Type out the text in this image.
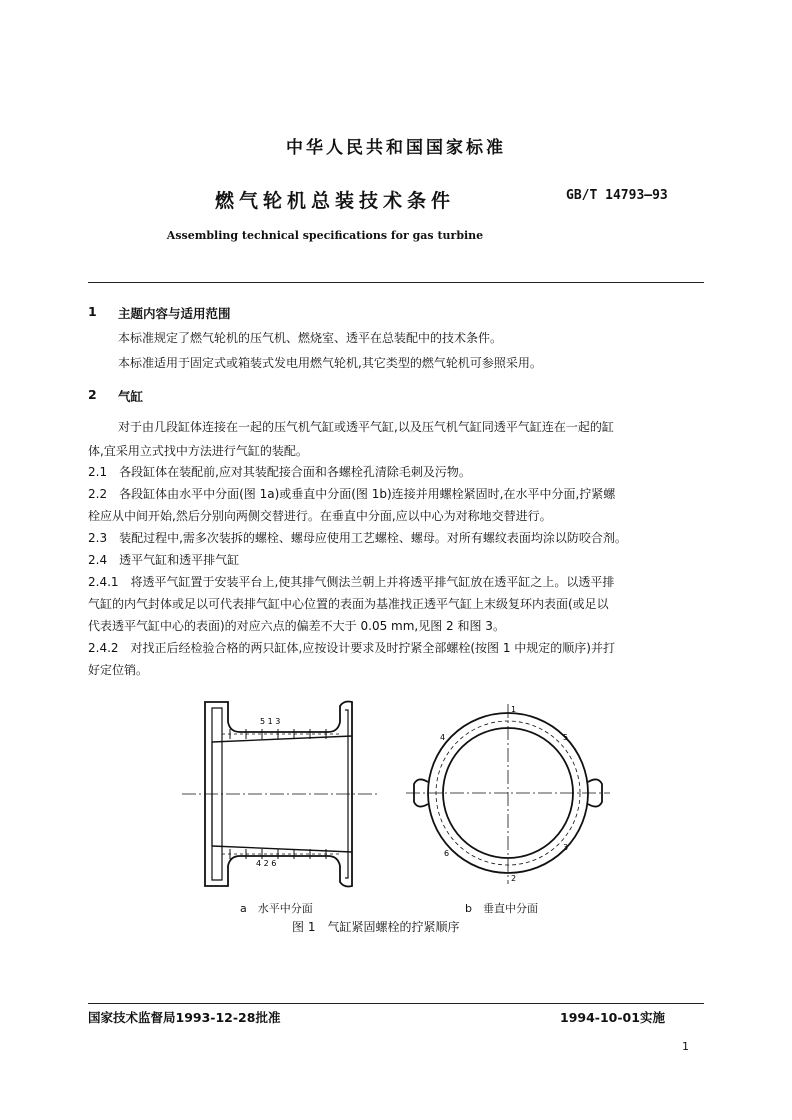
中华人民共和国国家标准
燃气轮机总装技术条件	GB/T 14793—93
Assembling technical specifications for gas turbine
1 主题内容与适用范围
本标准规定了燃气轮机的压气机、燃烧室、透平在总装配中的技术条件。
本标准适用于固定式或箱装式发电用燃气轮机,其它类型的燃气轮机可参照采用。
2 气缸
对于由几段缸体连接在一起的压气机气缸或透平气缸,以及压气机气缸同透平气缸连在一起的缸
体,宜采用立式找中方法进行气缸的装配。
2.1　各段缸体在装配前,应对其装配接合面和各螺栓孔清除毛刺及污物。
2.2　各段缸体由水平中分面(图 1a)或垂直中分面(图 1b)连接并用螺栓紧固时,在水平中分面,拧紧螺
栓应从中间开始,然后分别向两侧交替进行。在垂直中分面,应以中心为对称地交替进行。
2.3　装配过程中,需多次装拆的螺栓、螺母应使用工艺螺栓、螺母。对所有螺纹表面均涂以防咬合剂。
2.4　透平气缸和透平排气缸
2.4.1　将透平气缸置于安装平台上,使其排气侧法兰朝上并将透平排气缸放在透平缸之上。以透平排
气缸的内气封体或足以可代表排气缸中心位置的表面为基准找正透平气缸上末级复环内表面(或足以
代表透平气缸中心的表面)的对应六点的偏差不大于 0.05 mm,见图 2 和图 3。
2.4.2　对找正后经检验合格的两只缸体,应按设计要求及时拧紧全部螺栓(按图 1 中规定的顺序)并打
好定位销。
5 1 3
4 2 6
1
2
3
4	5
6
a　水平中分面	b　垂直中分面
图 1　气缸紧固螺栓的拧紧顺序
国家技术监督局1993-12-28批准	1994-10-01实施
1
